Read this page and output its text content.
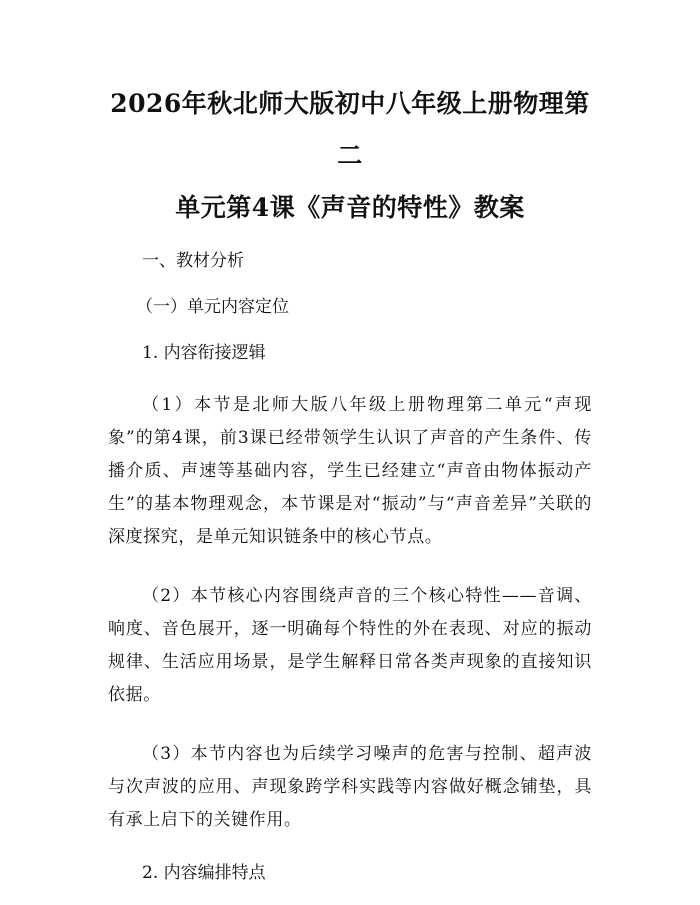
2026年秋北师大版初中八年级上册物理第二
单元第4课《声音的特性》教案

一、教材分析

（一）单元内容定位

1. 内容衔接逻辑

（1）本节是北师大版八年级上册物理第二单元“声现象”的第4课，前3课已经带领学生认识了声音的产生条件、传播介质、声速等基础内容，学生已经建立“声音由物体振动产生”的基本物理观念，本节课是对“振动”与“声音差异”关联的深度探究，是单元知识链条中的核心节点。

（2）本节核心内容围绕声音的三个核心特性——音调、响度、音色展开，逐一明确每个特性的外在表现、对应的振动规律、生活应用场景，是学生解释日常各类声现象的直接知识依据。

（3）本节内容也为后续学习噪声的危害与控制、超声波与次声波的应用、声现象跨学科实践等内容做好概念铺垫，具有承上启下的关键作用。

2. 内容编排特点
